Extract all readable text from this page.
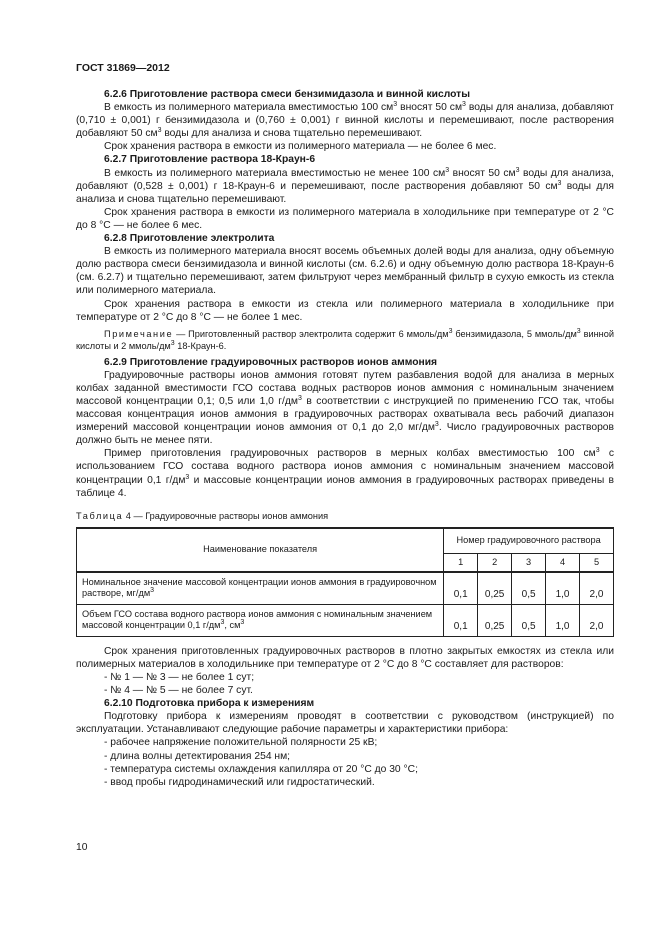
ГОСТ 31869—2012

6.2.6 Приготовление раствора смеси бензимидазола и винной кислоты

В емкость из полимерного материала вместимостью 100 $см^3$ вносят 50 $см^3$ воды для анализа, добавляют (0,710 ± 0,001) г бензимидазола и (0,760 ± 0,001) г винной кислоты и перемешивают, после растворения добавляют 50 $см^3$ воды для анализа и снова тщательно перемешивают.

Срок хранения раствора в емкости из полимерного материала — не более 6 мес.

6.2.7 Приготовление раствора 18-Краун-6

В емкость из полимерного материала вместимостью не менее 100 $см^3$ вносят 50 $см^3$ воды для анализа, добавляют (0,528 ± 0,001) г 18-Краун-6 и перемешивают, после растворения добавляют 50 $см^3$ воды для анализа и снова тщательно перемешивают.

Срок хранения раствора в емкости из полимерного материала в холодильнике при температуре от 2 °С до 8 °С — не более 6 мес.

6.2.8 Приготовление электролита

В емкость из полимерного материала вносят восемь объемных долей воды для анализа, одну объемную долю раствора смеси бензимидазола и винной кислоты (см. 6.2.6) и одну объемную долю раствора 18-Краун-6 (см. 6.2.7) и тщательно перемешивают, затем фильтруют через мембранный фильтр в сухую емкость из стекла или полимерного материала.

Срок хранения раствора в емкости из стекла или полимерного материала в холодильнике при температуре от 2 °С до 8 °С — не более 1 мес.

Примечание — Приготовленный раствор электролита содержит 6 ммоль/$дм^3$ бензимидазола, 5 ммоль/$дм^3$ винной кислоты и 2 ммоль/$дм^3$ 18-Краун-6.

6.2.9 Приготовление градуировочных растворов ионов аммония

Градуировочные растворы ионов аммония готовят путем разбавления водой для анализа в мерных колбах заданной вместимости ГСО состава водных растворов ионов аммония с номинальным значением массовой концентрации 0,1; 0,5 или 1,0 $г/дм^3$ в соответствии с инструкцией по применению ГСО так, чтобы массовая концентрация ионов аммония в градуировочных растворах охватывала весь рабочий диапазон измерений массовой концентрации ионов аммония от 0,1 до 2,0 $мг/дм^3$. Число градуировочных растворов должно быть не менее пяти.

Пример приготовления градуировочных растворов в мерных колбах вместимостью 100 $см^3$ с использованием ГСО состава водного раствора ионов аммония с номинальным значением массовой концентрации 0,1 $г/дм^3$ и массовые концентрации ионов аммония в градуировочных растворах приведены в таблице 4.

Таблица 4 — Градуировочные растворы ионов аммония

Наименование показателя	Номер градуировочного раствора				
	1	2	3	4	5
Номинальное значение массовой концентрации ионов аммония в градуировочном растворе, $мг/дм^3$	0,1	0,25	0,5	1,0	2,0
Объем ГСО состава водного раствора ионов аммония с номинальным значением массовой концентрации 0,1 $г/дм^3$, $см^3$	0,1	0,25	0,5	1,0	2,0

Срок хранения приготовленных градуировочных растворов в плотно закрытых емкостях из стекла или полимерных материалов в холодильнике при температуре от 2 °С до 8 °С составляет для растворов:

- № 1 — № 3 — не более 1 сут;

- № 4 — № 5 — не более 7 сут.

6.2.10 Подготовка прибора к измерениям

Подготовку прибора к измерениям проводят в соответствии с руководством (инструкцией) по эксплуатации. Устанавливают следующие рабочие параметры и характеристики прибора:

- рабочее напряжение положительной полярности 25 кВ;

- длина волны детектирования 254 нм;

- температура системы охлаждения капилляра от 20 °С до 30 °С;

- ввод пробы гидродинамический или гидростатический.

10
